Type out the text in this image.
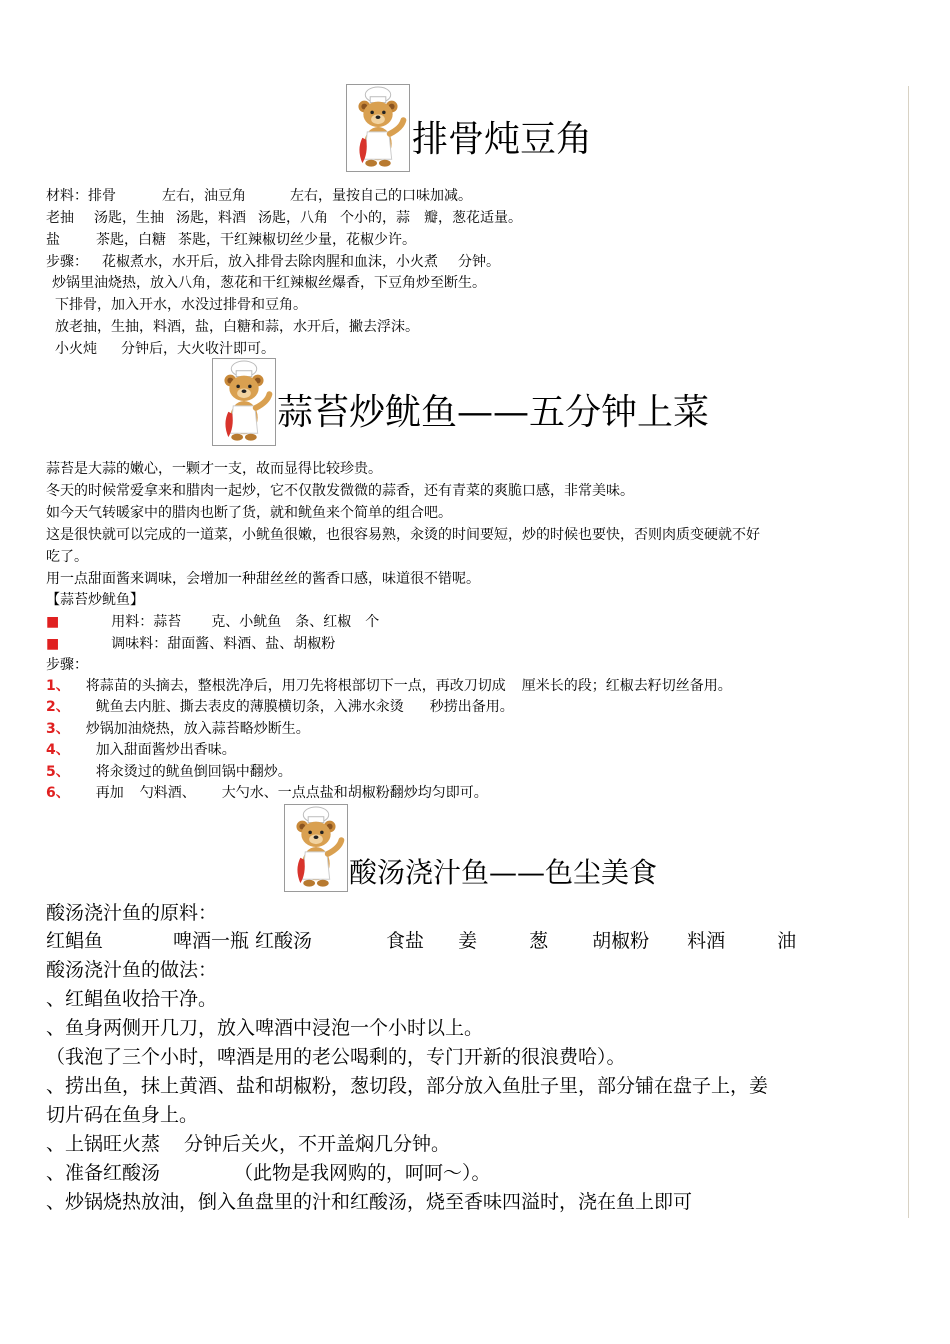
排骨炖豆角
材料：排骨	左右，油豆角	左右，量按自己的口味加减。
老抽 汤匙，生抽 汤匙，料酒 汤匙，八角 个小的，蒜 瓣，葱花适量。
盐	茶匙，白糖 茶匙，干红辣椒切丝少量，花椒少许。
步骤： 花椒煮水，水开后，放入排骨去除肉腥和血沫，小火煮 分钟。
炒锅里油烧热，放入八角，葱花和干红辣椒丝爆香，下豆角炒至断生。
下排骨，加入开水，水没过排骨和豆角。
放老抽，生抽，料酒，盐，白糖和蒜，水开后，撇去浮沫。
小火炖 分钟后，大火收汁即可。
蒜苔炒鱿鱼——五分钟上菜
蒜苔是大蒜的嫩心，一颗才一支，故而显得比较珍贵。
冬天的时候常爱拿来和腊肉一起炒，它不仅散发微微的蒜香，还有青菜的爽脆口感，非常美味。
如今天气转暖家中的腊肉也断了货，就和鱿鱼来个简单的组合吧。
这是很快就可以完成的一道菜，小鱿鱼很嫩，也很容易熟，汆烫的时间要短，炒的时候也要快，否则肉质变硬就不好
吃了。
用一点甜面酱来调味，会增加一种甜丝丝的酱香口感，味道很不错呢。
【蒜苔炒鱿鱼】
■	用料：蒜苔 克、小鱿鱼 条、红椒 个
■	调味料：甜面酱、料酒、盐、胡椒粉
步骤：
1、 将蒜苗的头摘去，整根洗净后，用刀先将根部切下一点，再改刀切成 厘米长的段；红椒去籽切丝备用。
2、 鱿鱼去内脏、撕去表皮的薄膜横切条，入沸水汆烫 秒捞出备用。
3、 炒锅加油烧热，放入蒜苔略炒断生。
4、 加入甜面酱炒出香味。
5、 将汆烫过的鱿鱼倒回锅中翻炒。
6、 再加 勺料酒、 大勺水、一点点盐和胡椒粉翻炒均匀即可。
酸汤浇汁鱼——色尘美食
酸汤浇汁鱼的原料：
红鲳鱼	啤酒一瓶 红酸汤	食盐 姜	葱 胡椒粉 料酒	油
酸汤浇汁鱼的做法：
、红鲳鱼收拾干净。
、鱼身两侧开几刀，放入啤酒中浸泡一个小时以上。
（我泡了三个小时，啤酒是用的老公喝剩的，专门开新的很浪费哈）。
、捞出鱼，抹上黄酒、盐和胡椒粉，葱切段，部分放入鱼肚子里，部分铺在盘子上，姜
切片码在鱼身上。
、上锅旺火蒸 分钟后关火，不开盖焖几分钟。
、准备红酸汤	（此物是我网购的，呵呵～）。
、炒锅烧热放油，倒入鱼盘里的汁和红酸汤，烧至香味四溢时，浇在鱼上即可
